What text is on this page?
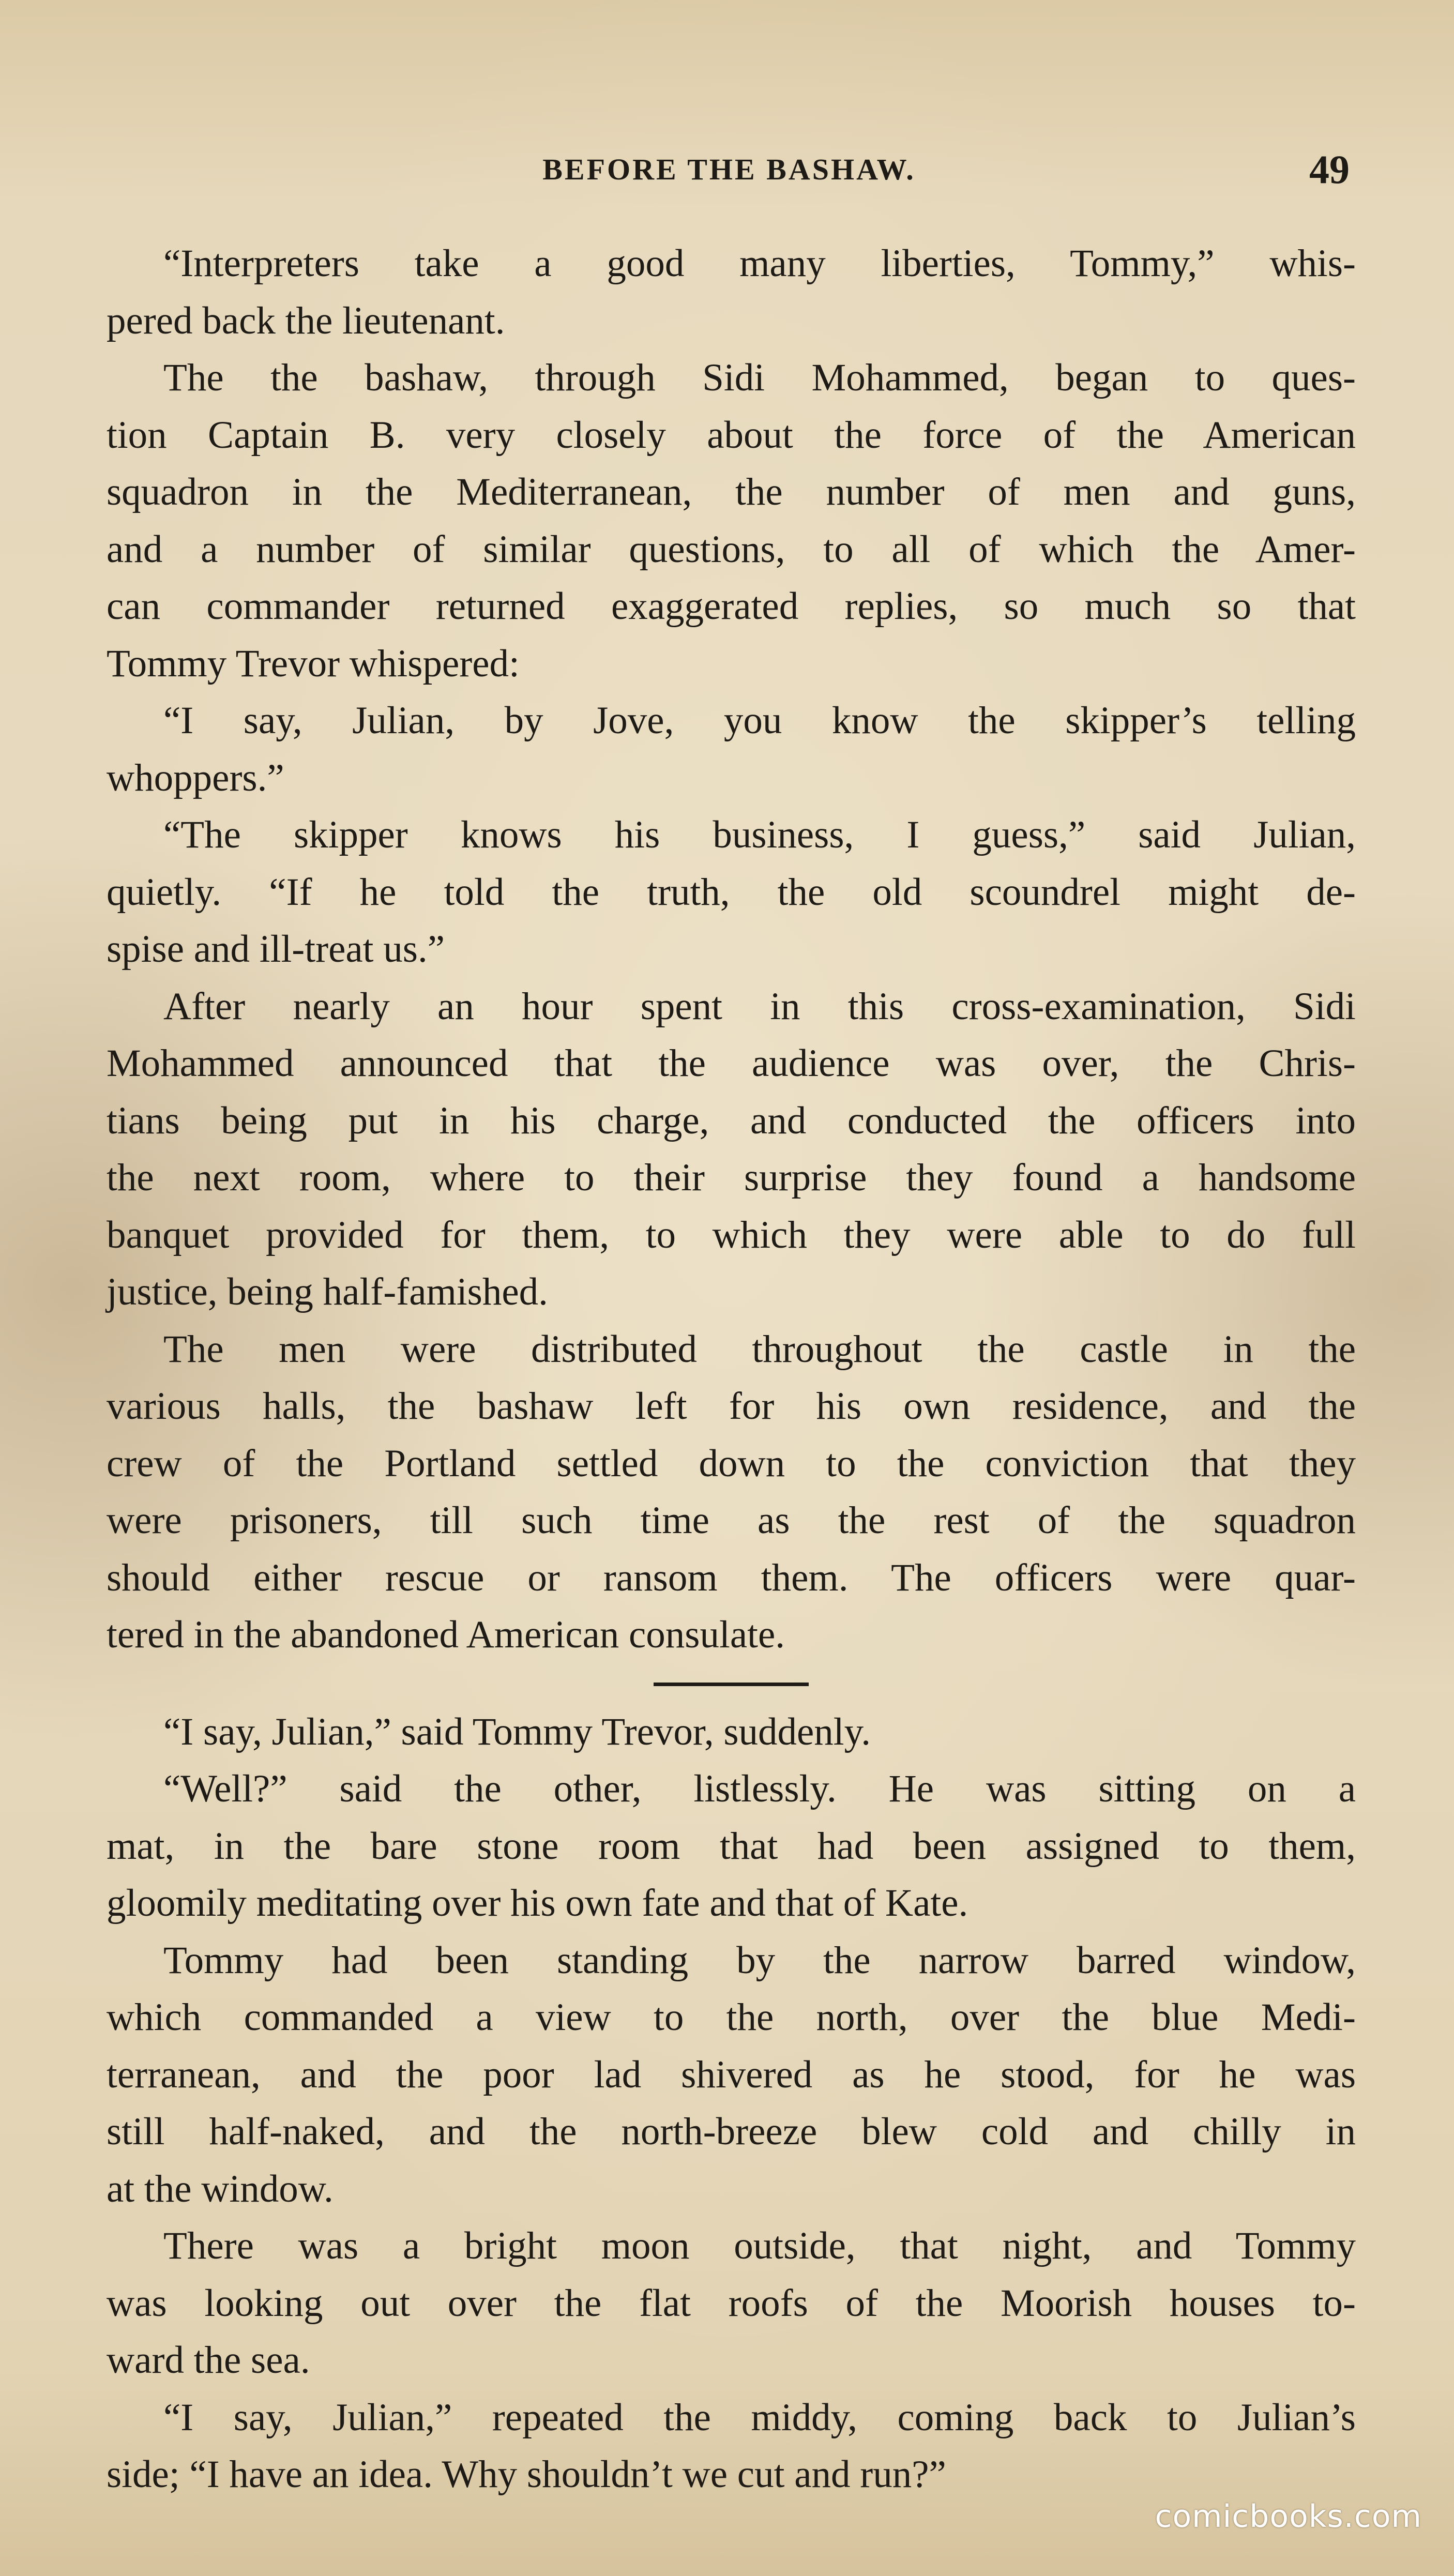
BEFORE THE BASHAW.	49
“Interpreters take a good many liberties, Tommy,” whis-
pered back the lieutenant.
The the bashaw, through Sidi Mohammed, began to ques-
tion Captain B. very closely about the force of the American
squadron in the Mediterranean, the number of men and guns,
and a number of similar questions, to all of which the Amer-
can commander returned exaggerated replies, so much so that
Tommy Trevor whispered:
“I say, Julian, by Jove, you know the skipper’s telling
whoppers.”
“The skipper knows his business, I guess,” said Julian,
quietly. “If he told the truth, the old scoundrel might de-
spise and ill-treat us.”
After nearly an hour spent in this cross-examination, Sidi
Mohammed announced that the audience was over, the Chris-
tians being put in his charge, and conducted the officers into
the next room, where to their surprise they found a handsome
banquet provided for them, to which they were able to do full
justice, being half-famished.
The men were distributed throughout the castle in the
various halls, the bashaw left for his own residence, and the
crew of the Portland settled down to the conviction that they
were prisoners, till such time as the rest of the squadron
should either rescue or ransom them. The officers were quar-
tered in the abandoned American consulate.
“I say, Julian,” said Tommy Trevor, suddenly.
“Well?” said the other, listlessly. He was sitting on a
mat, in the bare stone room that had been assigned to them,
gloomily meditating over his own fate and that of Kate.
Tommy had been standing by the narrow barred window,
which commanded a view to the north, over the blue Medi-
terranean, and the poor lad shivered as he stood, for he was
still half-naked, and the north-breeze blew cold and chilly in
at the window.
There was a bright moon outside, that night, and Tommy
was looking out over the flat roofs of the Moorish houses to-
ward the sea.
“I say, Julian,” repeated the middy, coming back to Julian’s
side; “I have an idea. Why shouldn’t we cut and run?”
comicbooks.com
